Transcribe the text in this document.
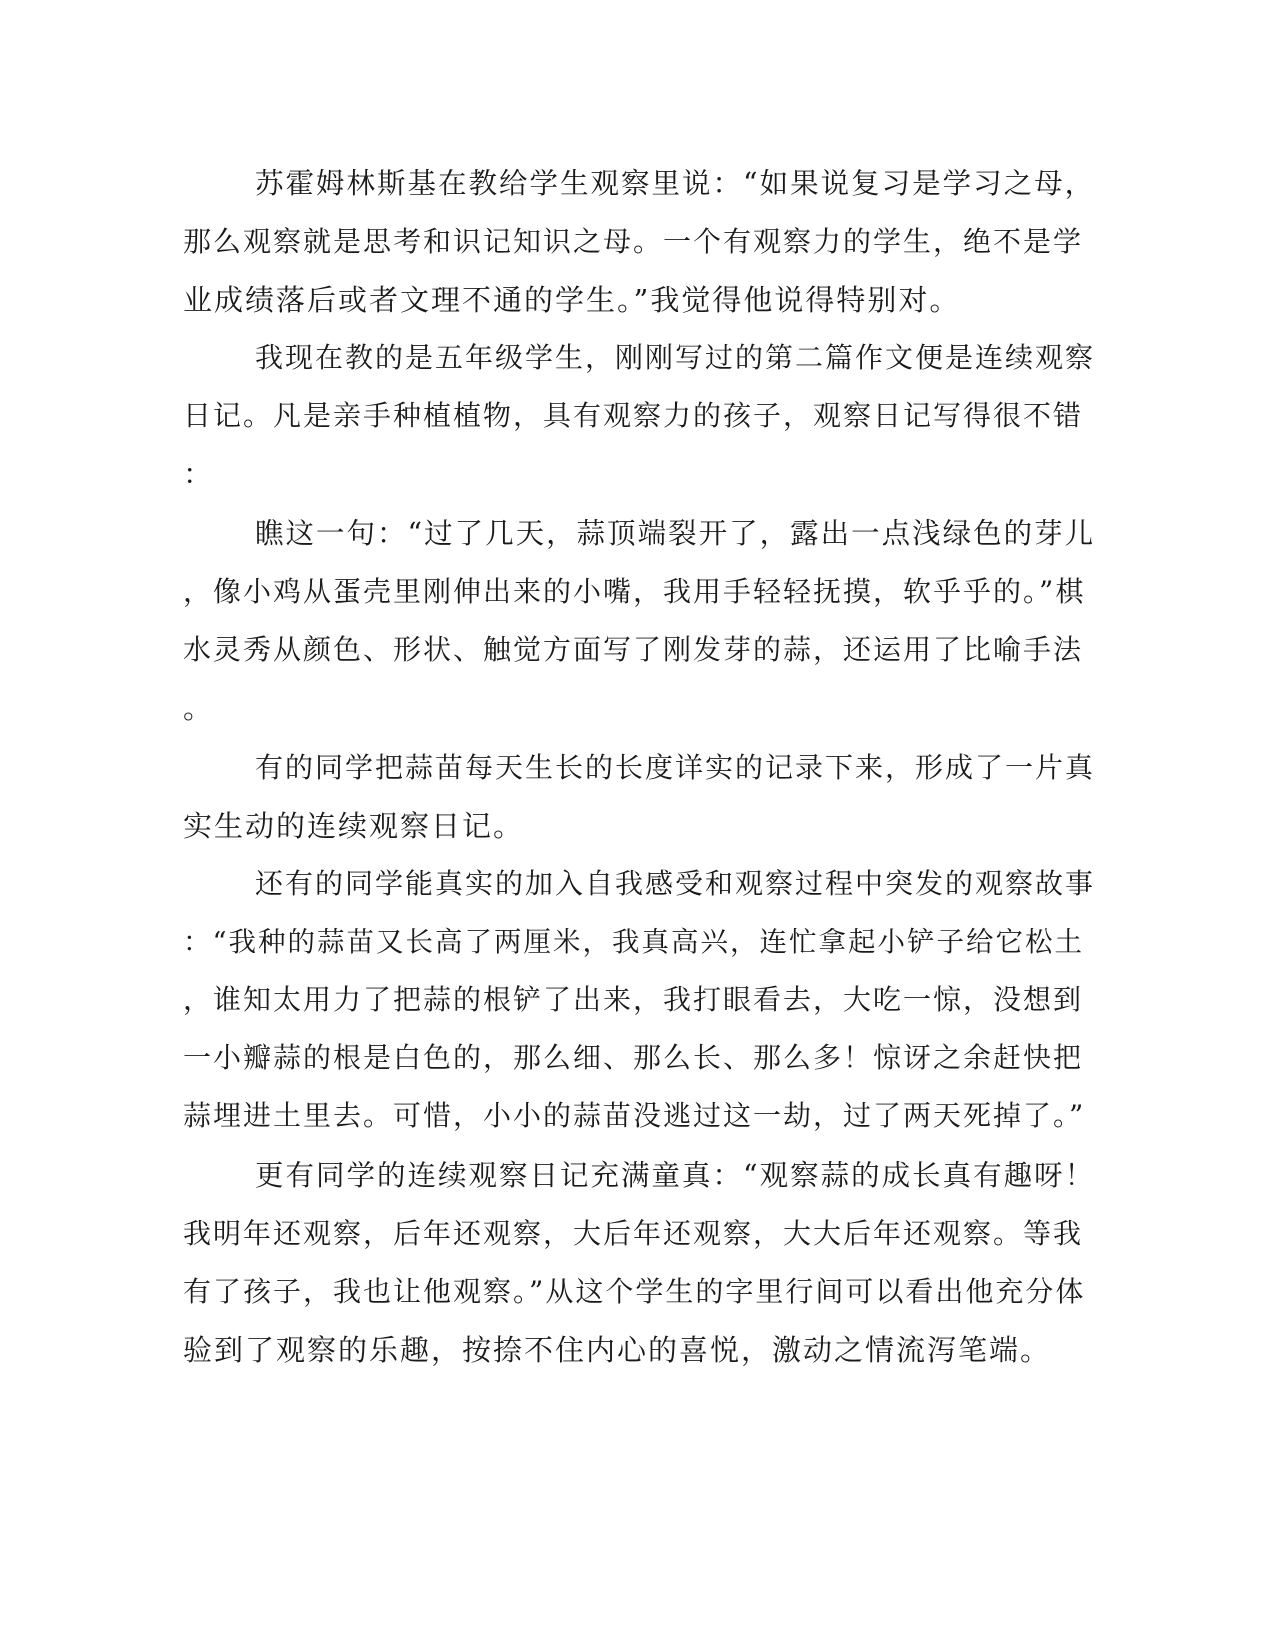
苏霍姆林斯基在教给学生观察里说：“如果说复习是学习之母，
那么观察就是思考和识记知识之母。一个有观察力的学生，绝不是学
业成绩落后或者文理不通的学生。”我觉得他说得特别对。
我现在教的是五年级学生，刚刚写过的第二篇作文便是连续观察
日记。凡是亲手种植植物，具有观察力的孩子，观察日记写得很不错
：
瞧这一句：“过了几天，蒜顶端裂开了，露出一点浅绿色的芽儿
，像小鸡从蛋壳里刚伸出来的小嘴，我用手轻轻抚摸，软乎乎的。”棋
水灵秀从颜色、形状、触觉方面写了刚发芽的蒜，还运用了比喻手法
。
有的同学把蒜苗每天生长的长度详实的记录下来，形成了一片真
实生动的连续观察日记。
还有的同学能真实的加入自我感受和观察过程中突发的观察故事
：“我种的蒜苗又长高了两厘米，我真高兴，连忙拿起小铲子给它松土
，谁知太用力了把蒜的根铲了出来，我打眼看去，大吃一惊，没想到
一小瓣蒜的根是白色的，那么细、那么长、那么多！惊讶之余赶快把
蒜埋进土里去。可惜，小小的蒜苗没逃过这一劫，过了两天死掉了。”
更有同学的连续观察日记充满童真：“观察蒜的成长真有趣呀！
我明年还观察，后年还观察，大后年还观察，大大后年还观察。等我
有了孩子，我也让他观察。”从这个学生的字里行间可以看出他充分体
验到了观察的乐趣，按捺不住内心的喜悦，激动之情流泻笔端。
